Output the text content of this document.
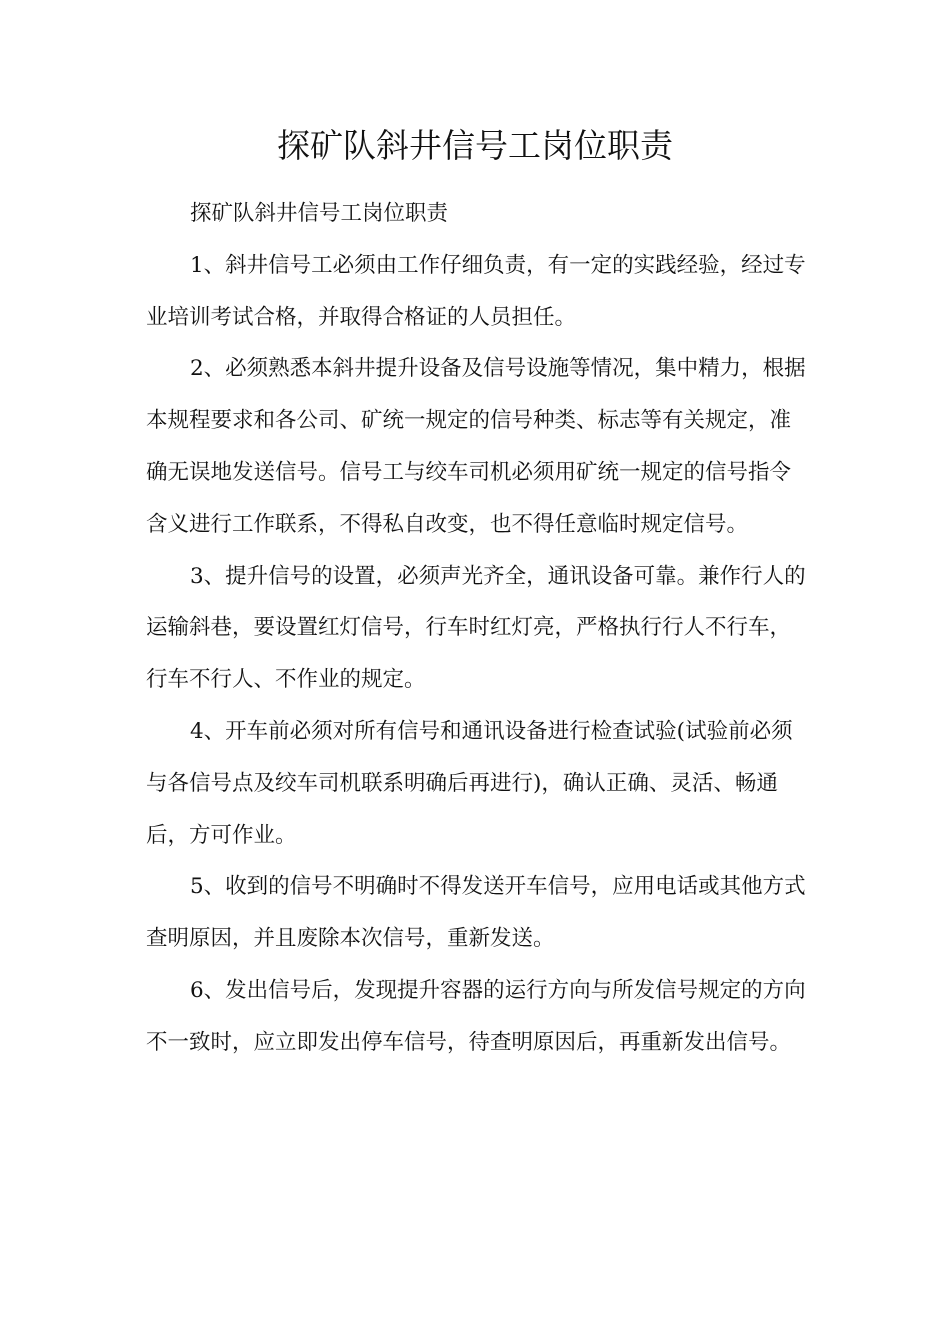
探矿队斜井信号工岗位职责

探矿队斜井信号工岗位职责

1、斜井信号工必须由工作仔细负责，有一定的实践经验，经过专业培训考试合格，并取得合格证的人员担任。

2、必须熟悉本斜井提升设备及信号设施等情况，集中精力，根据本规程要求和各公司、矿统一规定的信号种类、标志等有关规定，准确无误地发送信号。信号工与绞车司机必须用矿统一规定的信号指令含义进行工作联系，不得私自改变，也不得任意临时规定信号。

3、提升信号的设置，必须声光齐全，通讯设备可靠。兼作行人的运输斜巷，要设置红灯信号，行车时红灯亮，严格执行行人不行车，行车不行人、不作业的规定。

4、开车前必须对所有信号和通讯设备进行检查试验(试验前必须与各信号点及绞车司机联系明确后再进行)，确认正确、灵活、畅通后，方可作业。

5、收到的信号不明确时不得发送开车信号，应用电话或其他方式查明原因，并且废除本次信号，重新发送。

6、发出信号后，发现提升容器的运行方向与所发信号规定的方向不一致时，应立即发出停车信号，待查明原因后，再重新发出信号。
